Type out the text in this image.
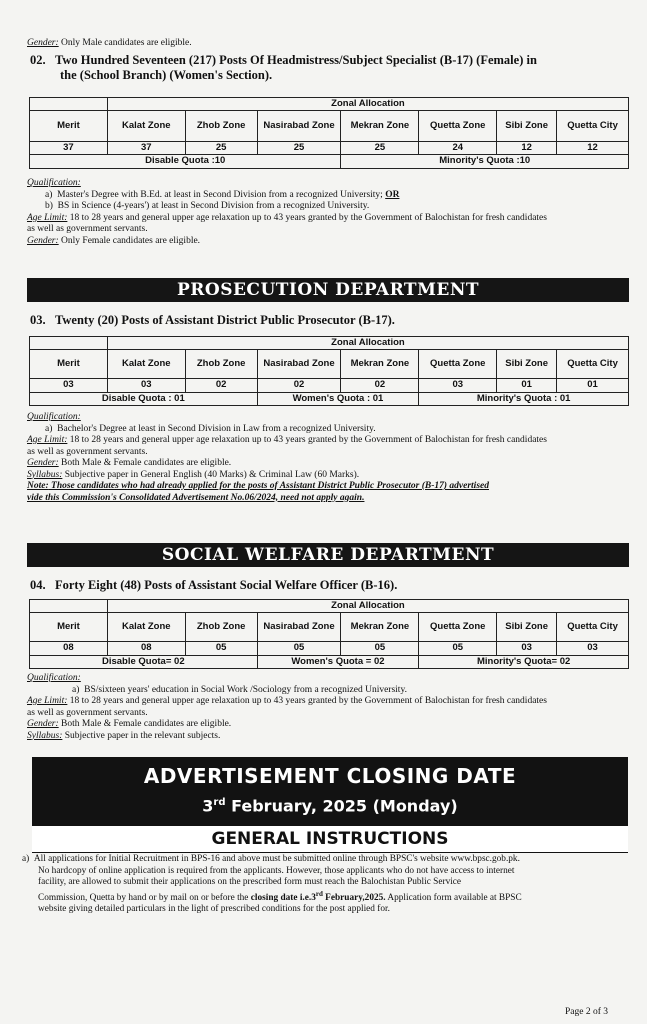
Gender: Only Male candidates are eligible.
02. Two Hundred Seventeen (217) Posts Of Headmistress/Subject Specialist (B-17) (Female) in
the (School Branch) (Women's Section).
	Zonal Allocation						
Merit	Kalat Zone	Zhob Zone	Nasirabad Zone	Mekran Zone	Quetta Zone	Sibi Zone	Quetta City
37	37	25	25	25	24	12	12
Disable Quota :10				Minority's Quota :10			
Qualification:
a) Master's Degree with B.Ed. at least in Second Division from a recognized University; OR
b) BS in Science (4-years') at least in Second Division from a recognized University.
Age Limit: 18 to 28 years and general upper age relaxation up to 43 years granted by the Government of Balochistan for fresh candidates
as well as government servants.
Gender: Only Female candidates are eligible.
PROSECUTION DEPARTMENT
03. Twenty (20) Posts of Assistant District Public Prosecutor (B-17).
	Zonal Allocation						
Merit	Kalat Zone	Zhob Zone	Nasirabad Zone	Mekran Zone	Quetta Zone	Sibi Zone	Quetta City
03	03	02	02	02	03	01	01
Disable Quota : 01			Women's Quota : 01		Minority's Quota : 01		
Qualification:
a) Bachelor's Degree at least in Second Division in Law from a recognized University.
Age Limit: 18 to 28 years and general upper age relaxation up to 43 years granted by the Government of Balochistan for fresh candidates
as well as government servants.
Gender: Both Male & Female candidates are eligible.
Syllabus: Subjective paper in General English (40 Marks) & Criminal Law (60 Marks).
Note: Those candidates who had already applied for the posts of Assistant District Public Prosecutor (B-17) advertised
vide this Commission's Consolidated Advertisement No.06/2024, need not apply again.
SOCIAL WELFARE DEPARTMENT
04. Forty Eight (48) Posts of Assistant Social Welfare Officer (B-16).
	Zonal Allocation						
Merit	Kalat Zone	Zhob Zone	Nasirabad Zone	Mekran Zone	Quetta Zone	Sibi Zone	Quetta City
08	08	05	05	05	05	03	03
Disable Quota= 02			Women's Quota = 02		Minority's Quota= 02		
Qualification:
a) BS/sixteen years' education in Social Work /Sociology from a recognized University.
Age Limit: 18 to 28 years and general upper age relaxation up to 43 years granted by the Government of Balochistan for fresh candidates
as well as government servants.
Gender: Both Male & Female candidates are eligible.
Syllabus: Subjective paper in the relevant subjects.
ADVERTISEMENT CLOSING DATE
3rd February, 2025 (Monday)
GENERAL INSTRUCTIONS
a) All applications for Initial Recruitment in BPS-16 and above must be submitted online through BPSC's website www.bpsc.gob.pk.
No hardcopy of online application is required from the applicants. However, those applicants who do not have access to internet
facility, are allowed to submit their applications on the prescribed form must reach the Balochistan Public Service
Commission, Quetta by hand or by mail on or before the closing date i.e.3rd February,2025. Application form available at BPSC
website giving detailed particulars in the light of prescribed conditions for the post applied for.
Page 2 of 3
